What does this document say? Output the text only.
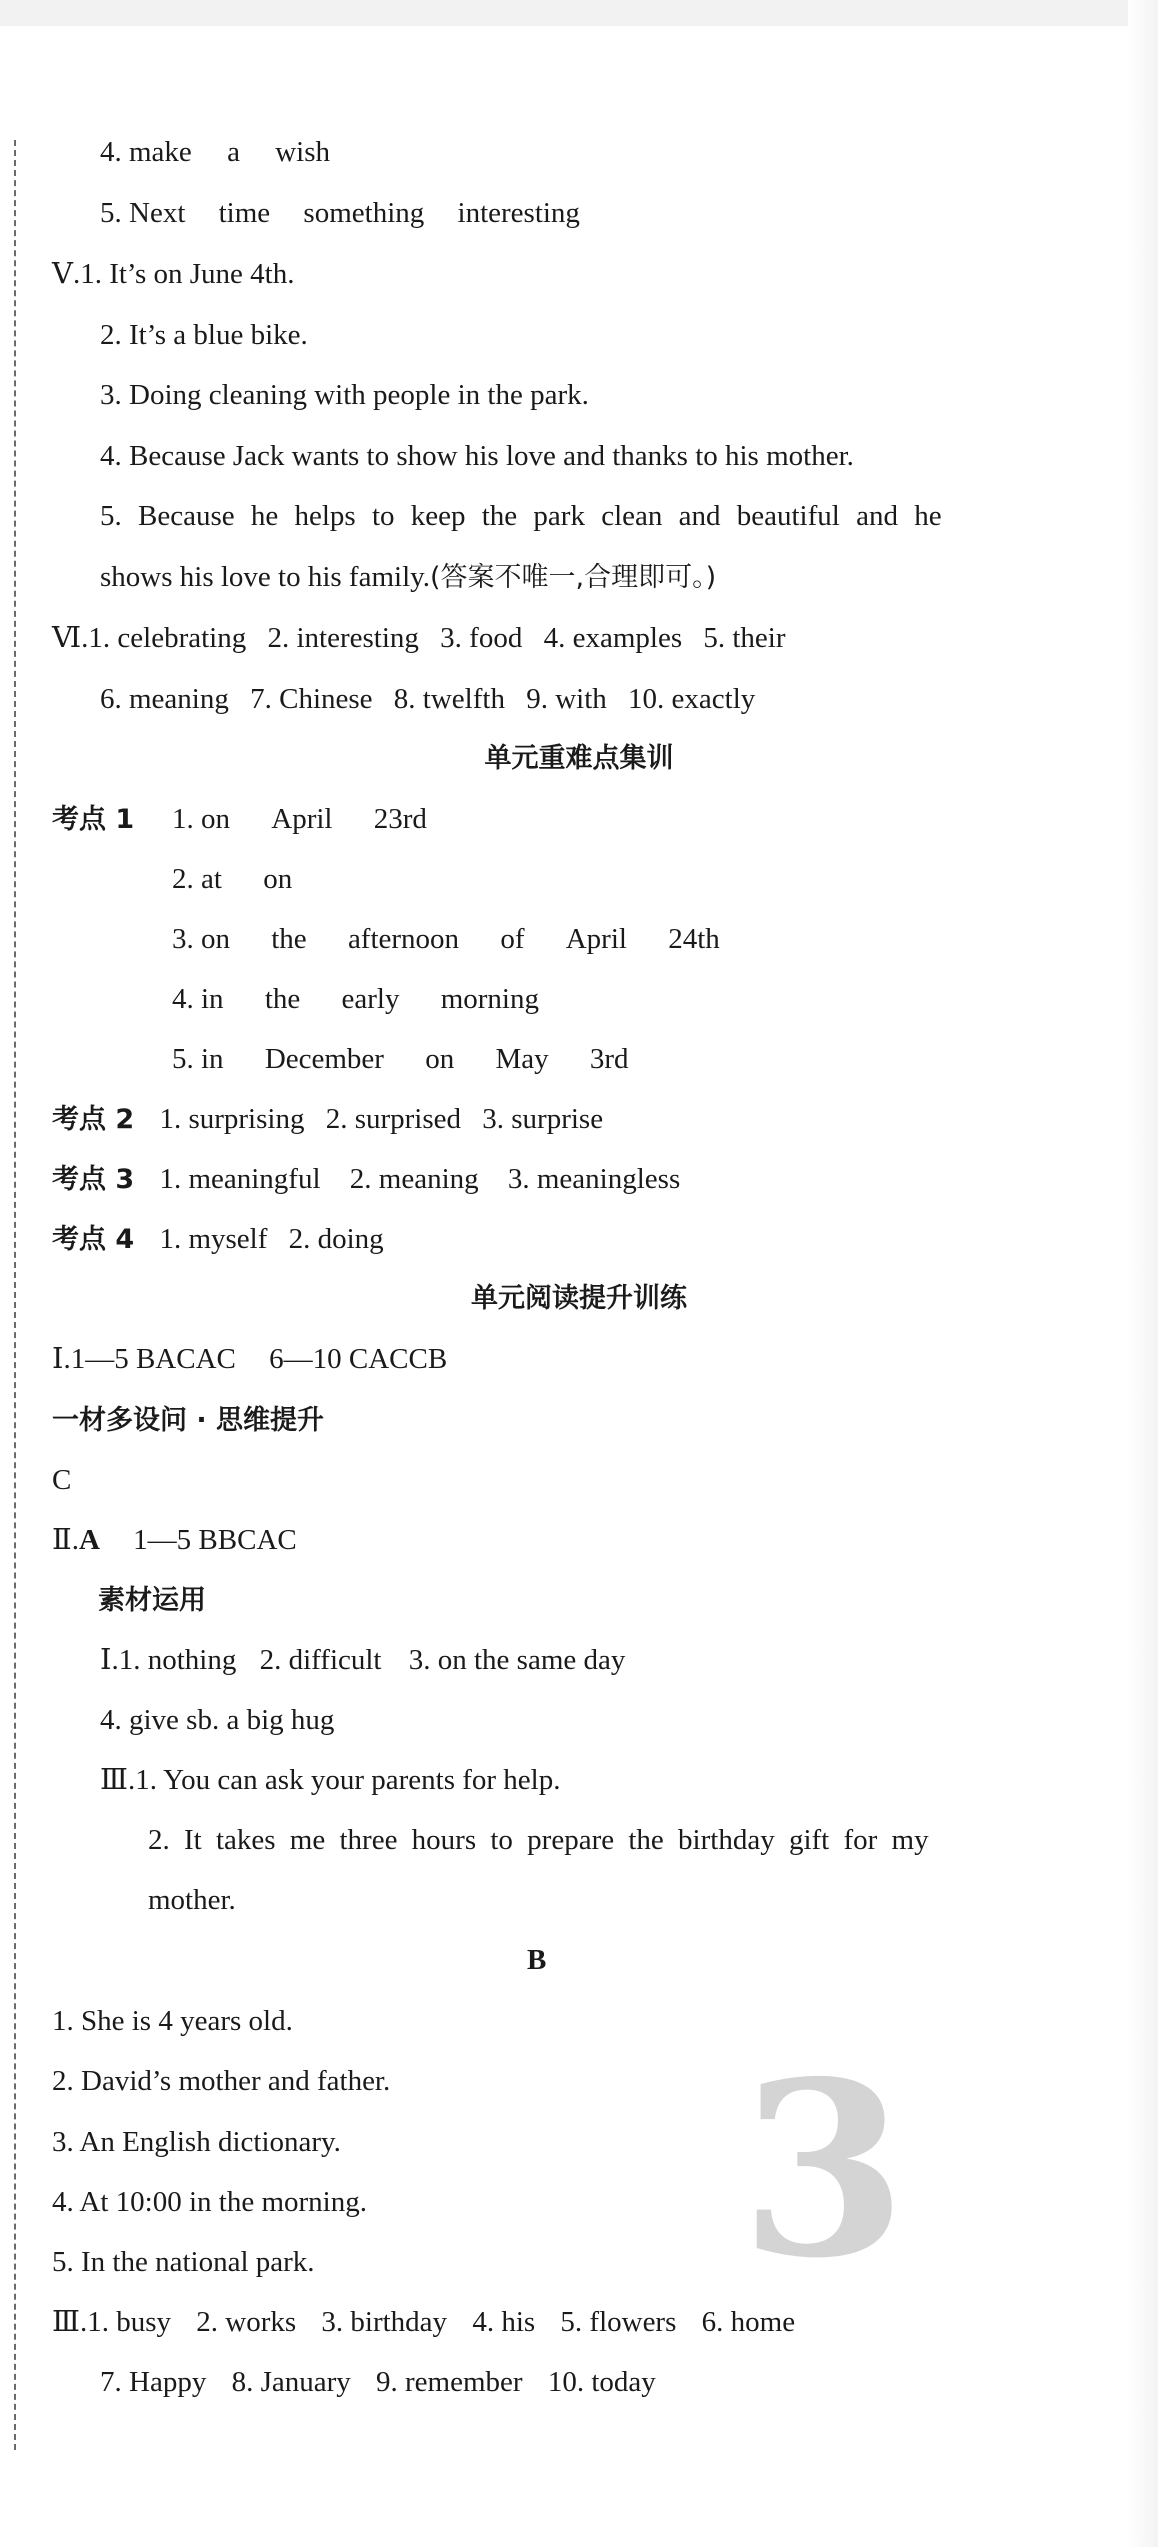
4. make a wish
5. Next time something interesting
Ⅴ.1. It’s on June 4th.
2. It’s a blue bike.
3. Doing cleaning with people in the park.
4. Because Jack wants to show his love and thanks to his mother.
5. Because he helps to keep the park clean and beautiful and he
shows his love to his family.(答案不唯一,合理即可。)
Ⅵ.1. celebrating 2. interesting 3. food 4. examples 5. their
6. meaning 7. Chinese 8. twelfth 9. with 10. exactly
单元重难点集训
考点 1 1. on April 23rd
2. at on
3. on the afternoon of April 24th
4. in the early morning
5. in December on May 3rd
考点 2 1. surprising 2. surprised 3. surprise
考点 3 1. meaningful 2. meaning 3. meaningless
考点 4 1. myself 2. doing
单元阅读提升训练
Ⅰ.1—5 BACAC 6—10 CACCB
一材多设问 · 思维提升
C
Ⅱ.A 1—5 BBCAC
素材运用
Ⅰ.1. nothing 2. difficult 3. on the same day
4. give sb. a big hug
Ⅲ.1. You can ask your parents for help.
2. It takes me three hours to prepare the birthday gift for my
mother.
B
1. She is 4 years old.
2. David’s mother and father.
3. An English dictionary.
4. At 10:00 in the morning.
5. In the national park.
Ⅲ.1. busy 2. works 3. birthday 4. his 5. flowers 6. home
7. Happy 8. January 9. remember 10. today
3
